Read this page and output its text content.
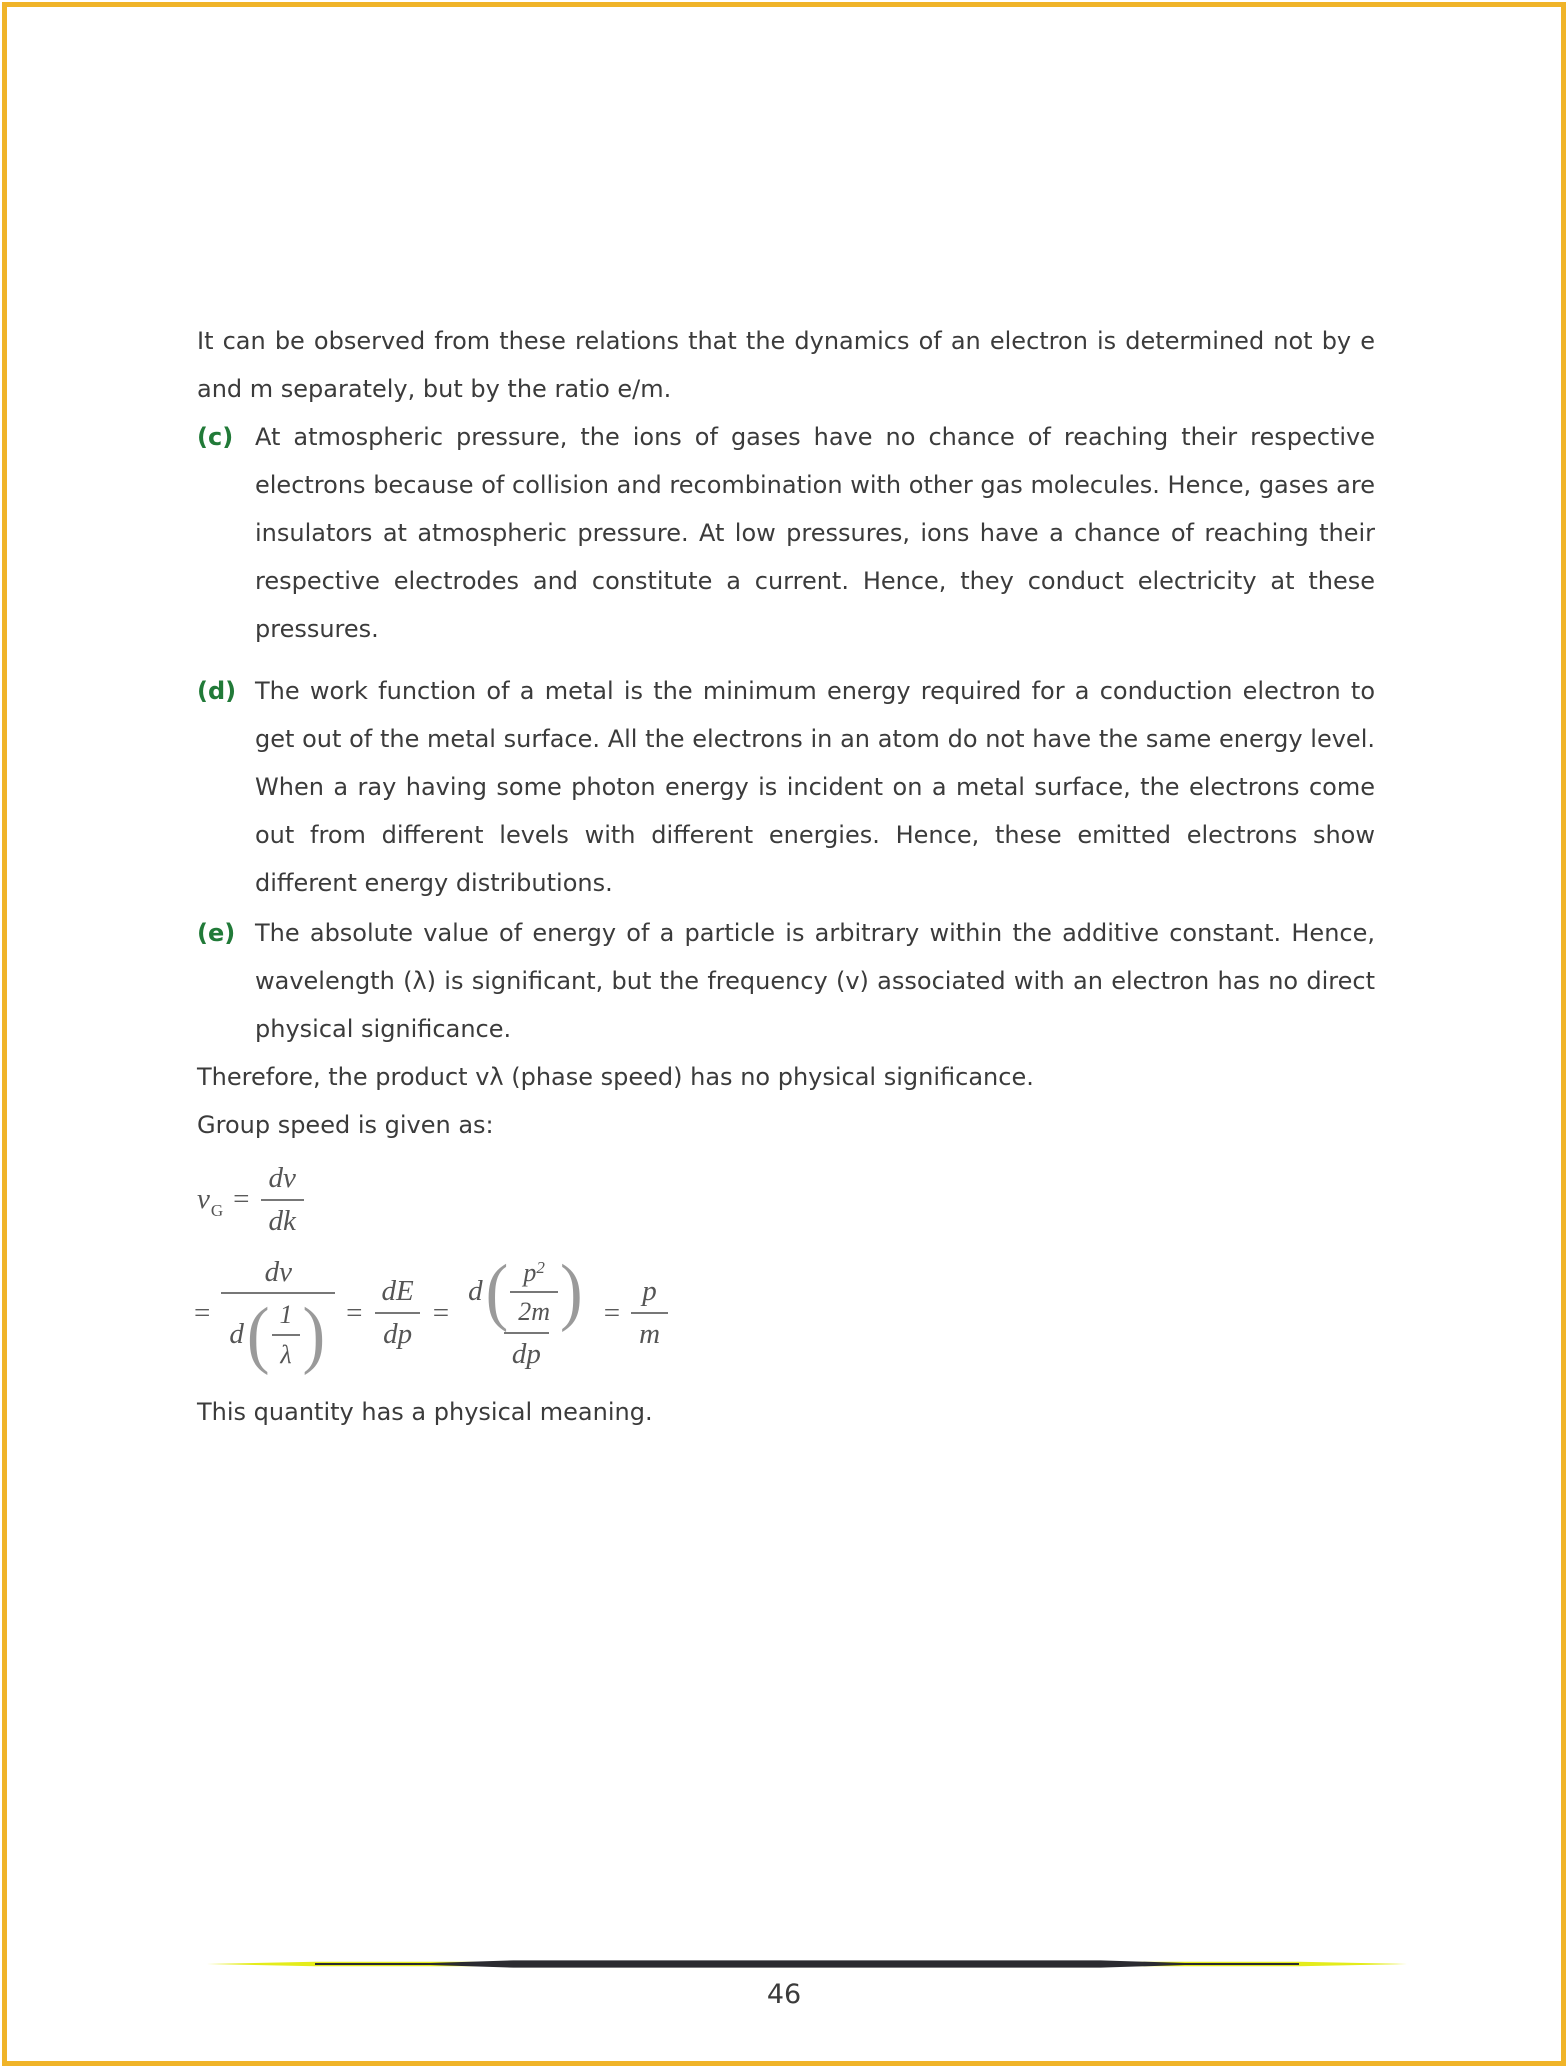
It can be observed from these relations that the dynamics of an electron is determined not by e and m separately, but by the ratio e/m.

(c) At atmospheric pressure, the ions of gases have no chance of reaching their respective electrons because of collision and recombination with other gas molecules. Hence, gases are insulators at atmospheric pressure. At low pressures, ions have a chance of reaching their respective electrodes and constitute a current. Hence, they conduct electricity at these pressures.

(d) The work function of a metal is the minimum energy required for a conduction electron to get out of the metal surface. All the electrons in an atom do not have the same energy level. When a ray having some photon energy is incident on a metal surface, the electrons come out from different levels with different energies. Hence, these emitted electrons show different energy distributions.

(e) The absolute value of energy of a particle is arbitrary within the additive constant. Hence, wavelength (λ) is significant, but the frequency (v) associated with an electron has no direct physical significance.

Therefore, the product vλ (phase speed) has no physical significance.

Group speed is given as:

$v_G = \frac{dv}{dk}$
=
dv
d ( $\frac{1}{\lambda}$ ) = $\frac{dE}{dp}$ =
d ( $\frac{p^2}{2m}$ )
dp
= $\frac{p}{m}$

This quantity has a physical meaning.

46
